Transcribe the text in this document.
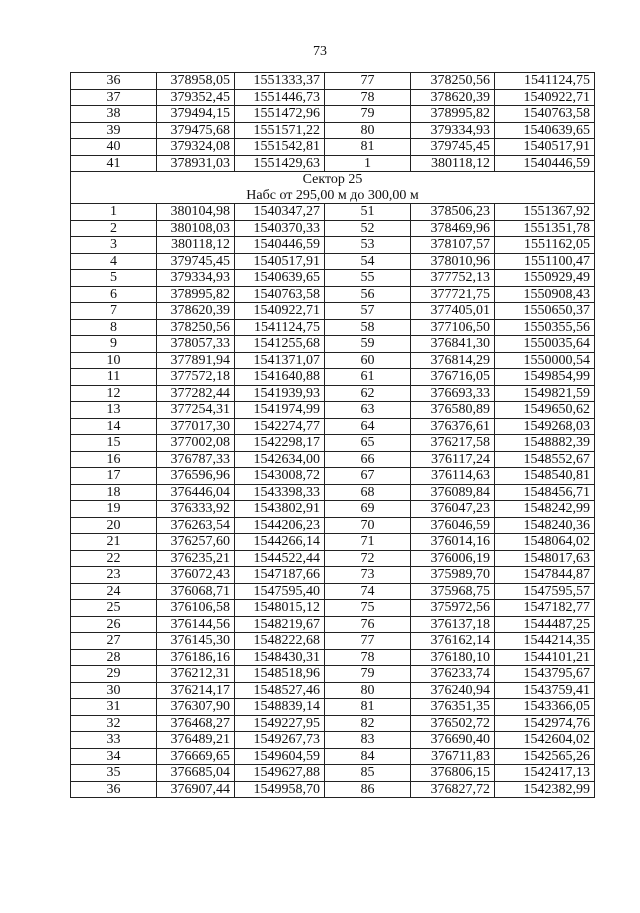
73
36	378958,05	1551333,37	77	378250,56	1541124,75
37	379352,45	1551446,73	78	378620,39	1540922,71
38	379494,15	1551472,96	79	378995,82	1540763,58
39	379475,68	1551571,22	80	379334,93	1540639,65
40	379324,08	1551542,81	81	379745,45	1540517,91
41	378931,03	1551429,63	1	380118,12	1540446,59

Сектор 25
Набс от 295,00 м до 300,00 м					

1	380104,98	1540347,27	51	378506,23	1551367,92
2	380108,03	1540370,33	52	378469,96	1551351,78
3	380118,12	1540446,59	53	378107,57	1551162,05
4	379745,45	1540517,91	54	378010,96	1551100,47
5	379334,93	1540639,65	55	377752,13	1550929,49
6	378995,82	1540763,58	56	377721,75	1550908,43
7	378620,39	1540922,71	57	377405,01	1550650,37
8	378250,56	1541124,75	58	377106,50	1550355,56
9	378057,33	1541255,68	59	376841,30	1550035,64
10	377891,94	1541371,07	60	376814,29	1550000,54
11	377572,18	1541640,88	61	376716,05	1549854,99
12	377282,44	1541939,93	62	376693,33	1549821,59
13	377254,31	1541974,99	63	376580,89	1549650,62
14	377017,30	1542274,77	64	376376,61	1549268,03
15	377002,08	1542298,17	65	376217,58	1548882,39
16	376787,33	1542634,00	66	376117,24	1548552,67
17	376596,96	1543008,72	67	376114,63	1548540,81
18	376446,04	1543398,33	68	376089,84	1548456,71
19	376333,92	1543802,91	69	376047,23	1548242,99
20	376263,54	1544206,23	70	376046,59	1548240,36
21	376257,60	1544266,14	71	376014,16	1548064,02
22	376235,21	1544522,44	72	376006,19	1548017,63
23	376072,43	1547187,66	73	375989,70	1547844,87
24	376068,71	1547595,40	74	375968,75	1547595,57
25	376106,58	1548015,12	75	375972,56	1547182,77
26	376144,56	1548219,67	76	376137,18	1544487,25
27	376145,30	1548222,68	77	376162,14	1544214,35
28	376186,16	1548430,31	78	376180,10	1544101,21
29	376212,31	1548518,96	79	376233,74	1543795,67
30	376214,17	1548527,46	80	376240,94	1543759,41
31	376307,90	1548839,14	81	376351,35	1543366,05
32	376468,27	1549227,95	82	376502,72	1542974,76
33	376489,21	1549267,73	83	376690,40	1542604,02
34	376669,65	1549604,59	84	376711,83	1542565,26
35	376685,04	1549627,88	85	376806,15	1542417,13
36	376907,44	1549958,70	86	376827,72	1542382,99
